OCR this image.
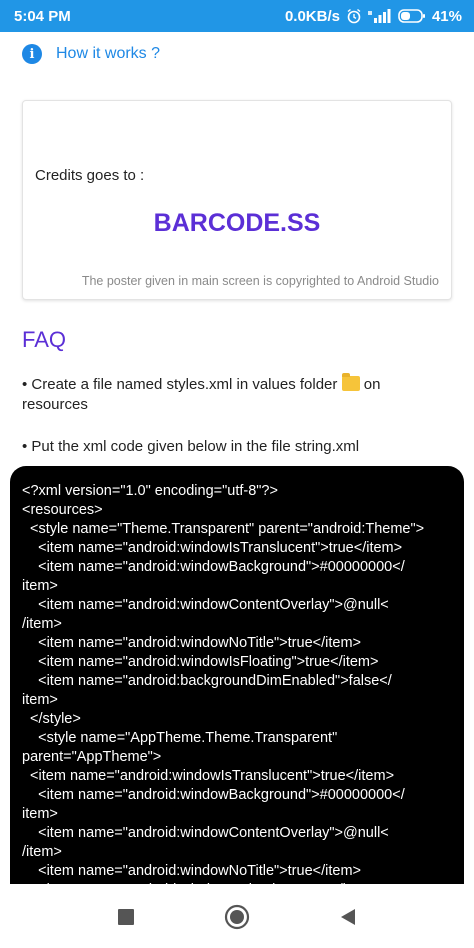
5:04 PM	0.0KB/s	41%
i	How it works ?
Credits goes to :
BARCODE.SS
The poster given in main screen is copyrighted to Android Studio
FAQ
• Create a file named styles.xml in values folder  on
resources
• Put the xml code given below in the file string.xml
<?xml version="1.0" encoding="utf-8"?>
<resources>
<style name="Theme.Transparent" parent="android:Theme">
<item name="android:windowIsTranslucent">true</item>
<item name="android:windowBackground">#00000000</
item>
<item name="android:windowContentOverlay">@null<
/item>
<item name="android:windowNoTitle">true</item>
<item name="android:windowIsFloating">true</item>
<item name="android:backgroundDimEnabled">false</
item>
</style>
<style name="AppTheme.Theme.Transparent"
parent="AppTheme">
<item name="android:windowIsTranslucent">true</item>
<item name="android:windowBackground">#00000000</
item>
<item name="android:windowContentOverlay">@null<
/item>
<item name="android:windowNoTitle">true</item>
